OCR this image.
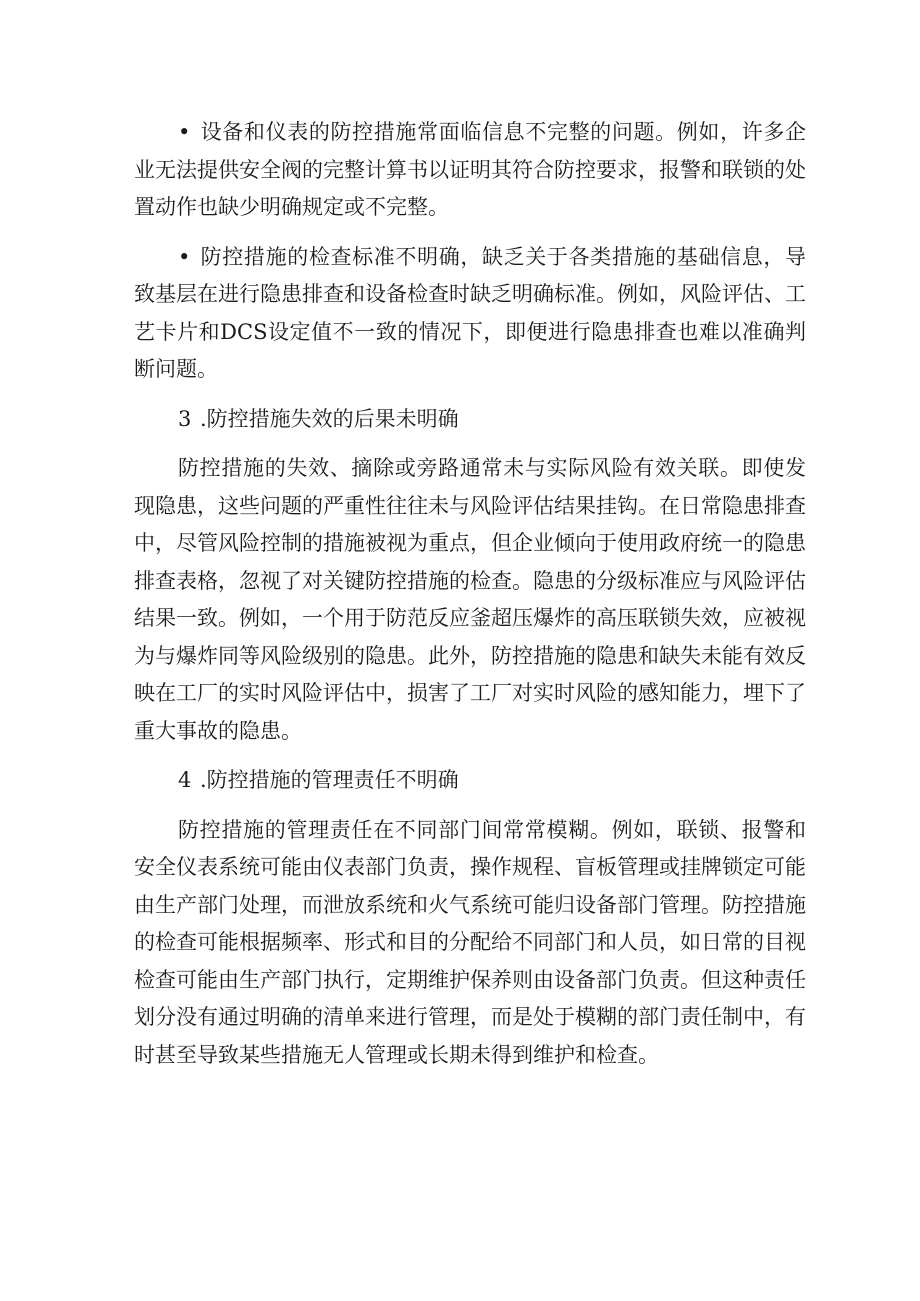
• 设备和仪表的防控措施常面临信息不完整的问题。例如，许多企业无法提供安全阀的完整计算书以证明其符合防控要求，报警和联锁的处置动作也缺少明确规定或不完整。

• 防控措施的检查标准不明确，缺乏关于各类措施的基础信息，导致基层在进行隐患排查和设备检查时缺乏明确标准。例如，风险评估、工艺卡片和DCS设定值不一致的情况下，即便进行隐患排查也难以准确判断问题。

3 .防控措施失效的后果未明确

防控措施的失效、摘除或旁路通常未与实际风险有效关联。即使发现隐患，这些问题的严重性往往未与风险评估结果挂钩。在日常隐患排查中，尽管风险控制的措施被视为重点，但企业倾向于使用政府统一的隐患排查表格，忽视了对关键防控措施的检查。隐患的分级标准应与风险评估结果一致。例如，一个用于防范反应釜超压爆炸的高压联锁失效，应被视为与爆炸同等风险级别的隐患。此外，防控措施的隐患和缺失未能有效反映在工厂的实时风险评估中，损害了工厂对实时风险的感知能力，埋下了重大事故的隐患。

4 .防控措施的管理责任不明确

防控措施的管理责任在不同部门间常常模糊。例如，联锁、报警和安全仪表系统可能由仪表部门负责，操作规程、盲板管理或挂牌锁定可能由生产部门处理，而泄放系统和火气系统可能归设备部门管理。防控措施的检查可能根据频率、形式和目的分配给不同部门和人员，如日常的目视检查可能由生产部门执行，定期维护保养则由设备部门负责。但这种责任划分没有通过明确的清单来进行管理，而是处于模糊的部门责任制中，有时甚至导致某些措施无人管理或长期未得到维护和检查。
